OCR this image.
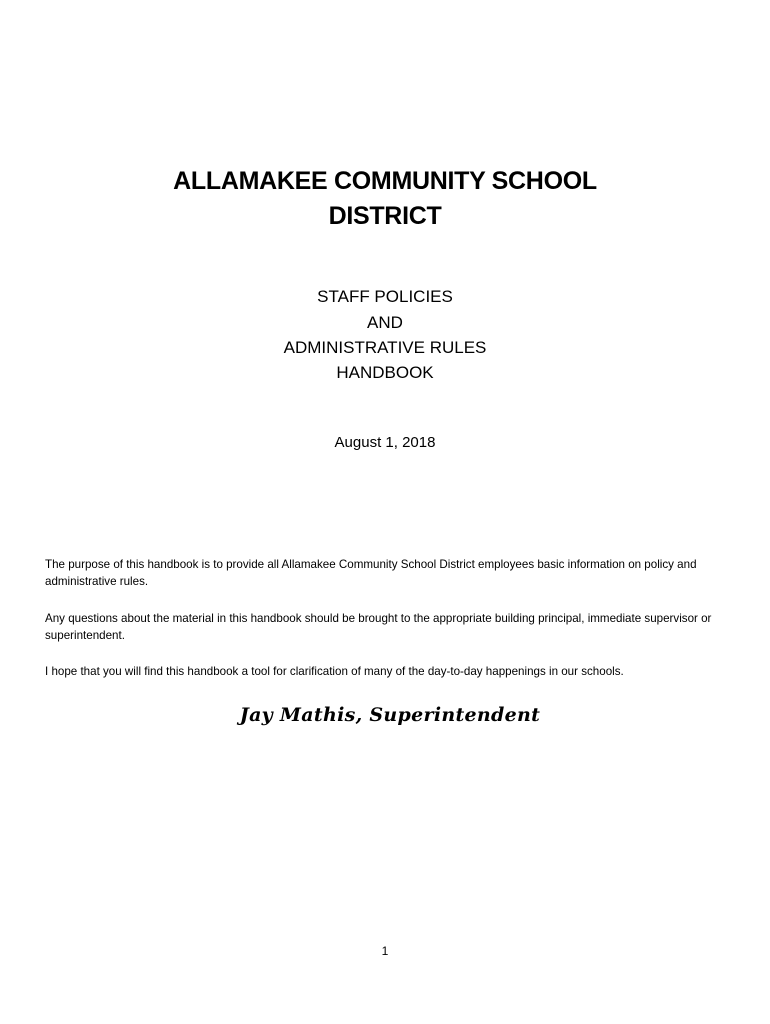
ALLAMAKEE COMMUNITY SCHOOL
DISTRICT
STAFF POLICIES
AND
ADMINISTRATIVE RULES
HANDBOOK
August 1, 2018

The purpose of this handbook is to provide all Allamakee Community School District employees basic information on policy and administrative rules.

Any questions about the material in this handbook should be brought to the appropriate building principal, immediate supervisor or superintendent.

I hope that you will find this handbook a tool for clarification of many of the day-to-day happenings in our schools.

Jay Mathis, Superintendent
1
